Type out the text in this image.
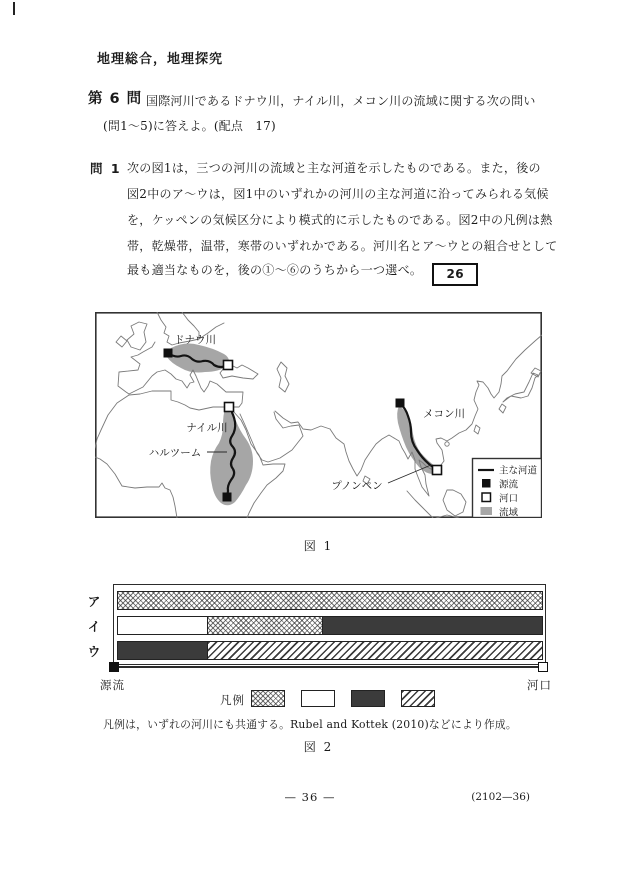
地理総合，地理探究
第 6 問 国際河川であるドナウ川，ナイル川，メコン川の流域に関する次の問い
(問1～5)に答えよ。(配点　17)
問 1 次の図1は，三つの河川の流域と主な河道を示したものである。また，後の
図2中のア～ウは，図1中のいずれかの河川の主な河道に沿ってみられる気候
を，ケッペンの気候区分により模式的に示したものである。図2中の凡例は熱
帯，乾燥帯，温帯，寒帯のいずれかである。河川名とア～ウとの組合せとして
最も適当なものを，後の①～⑥のうちから一つ選べ。 26
ドナウ川
ナイル川
ハルツーム
メコン川
プノンペン
主な河道
源流
河口
流域
図 1
ア
イ
ウ
源流	河口
凡例
凡例は，いずれの河川にも共通する。Rubel and Kottek (2010)などにより作成。
図 2
— 36 —	(2102—36)
